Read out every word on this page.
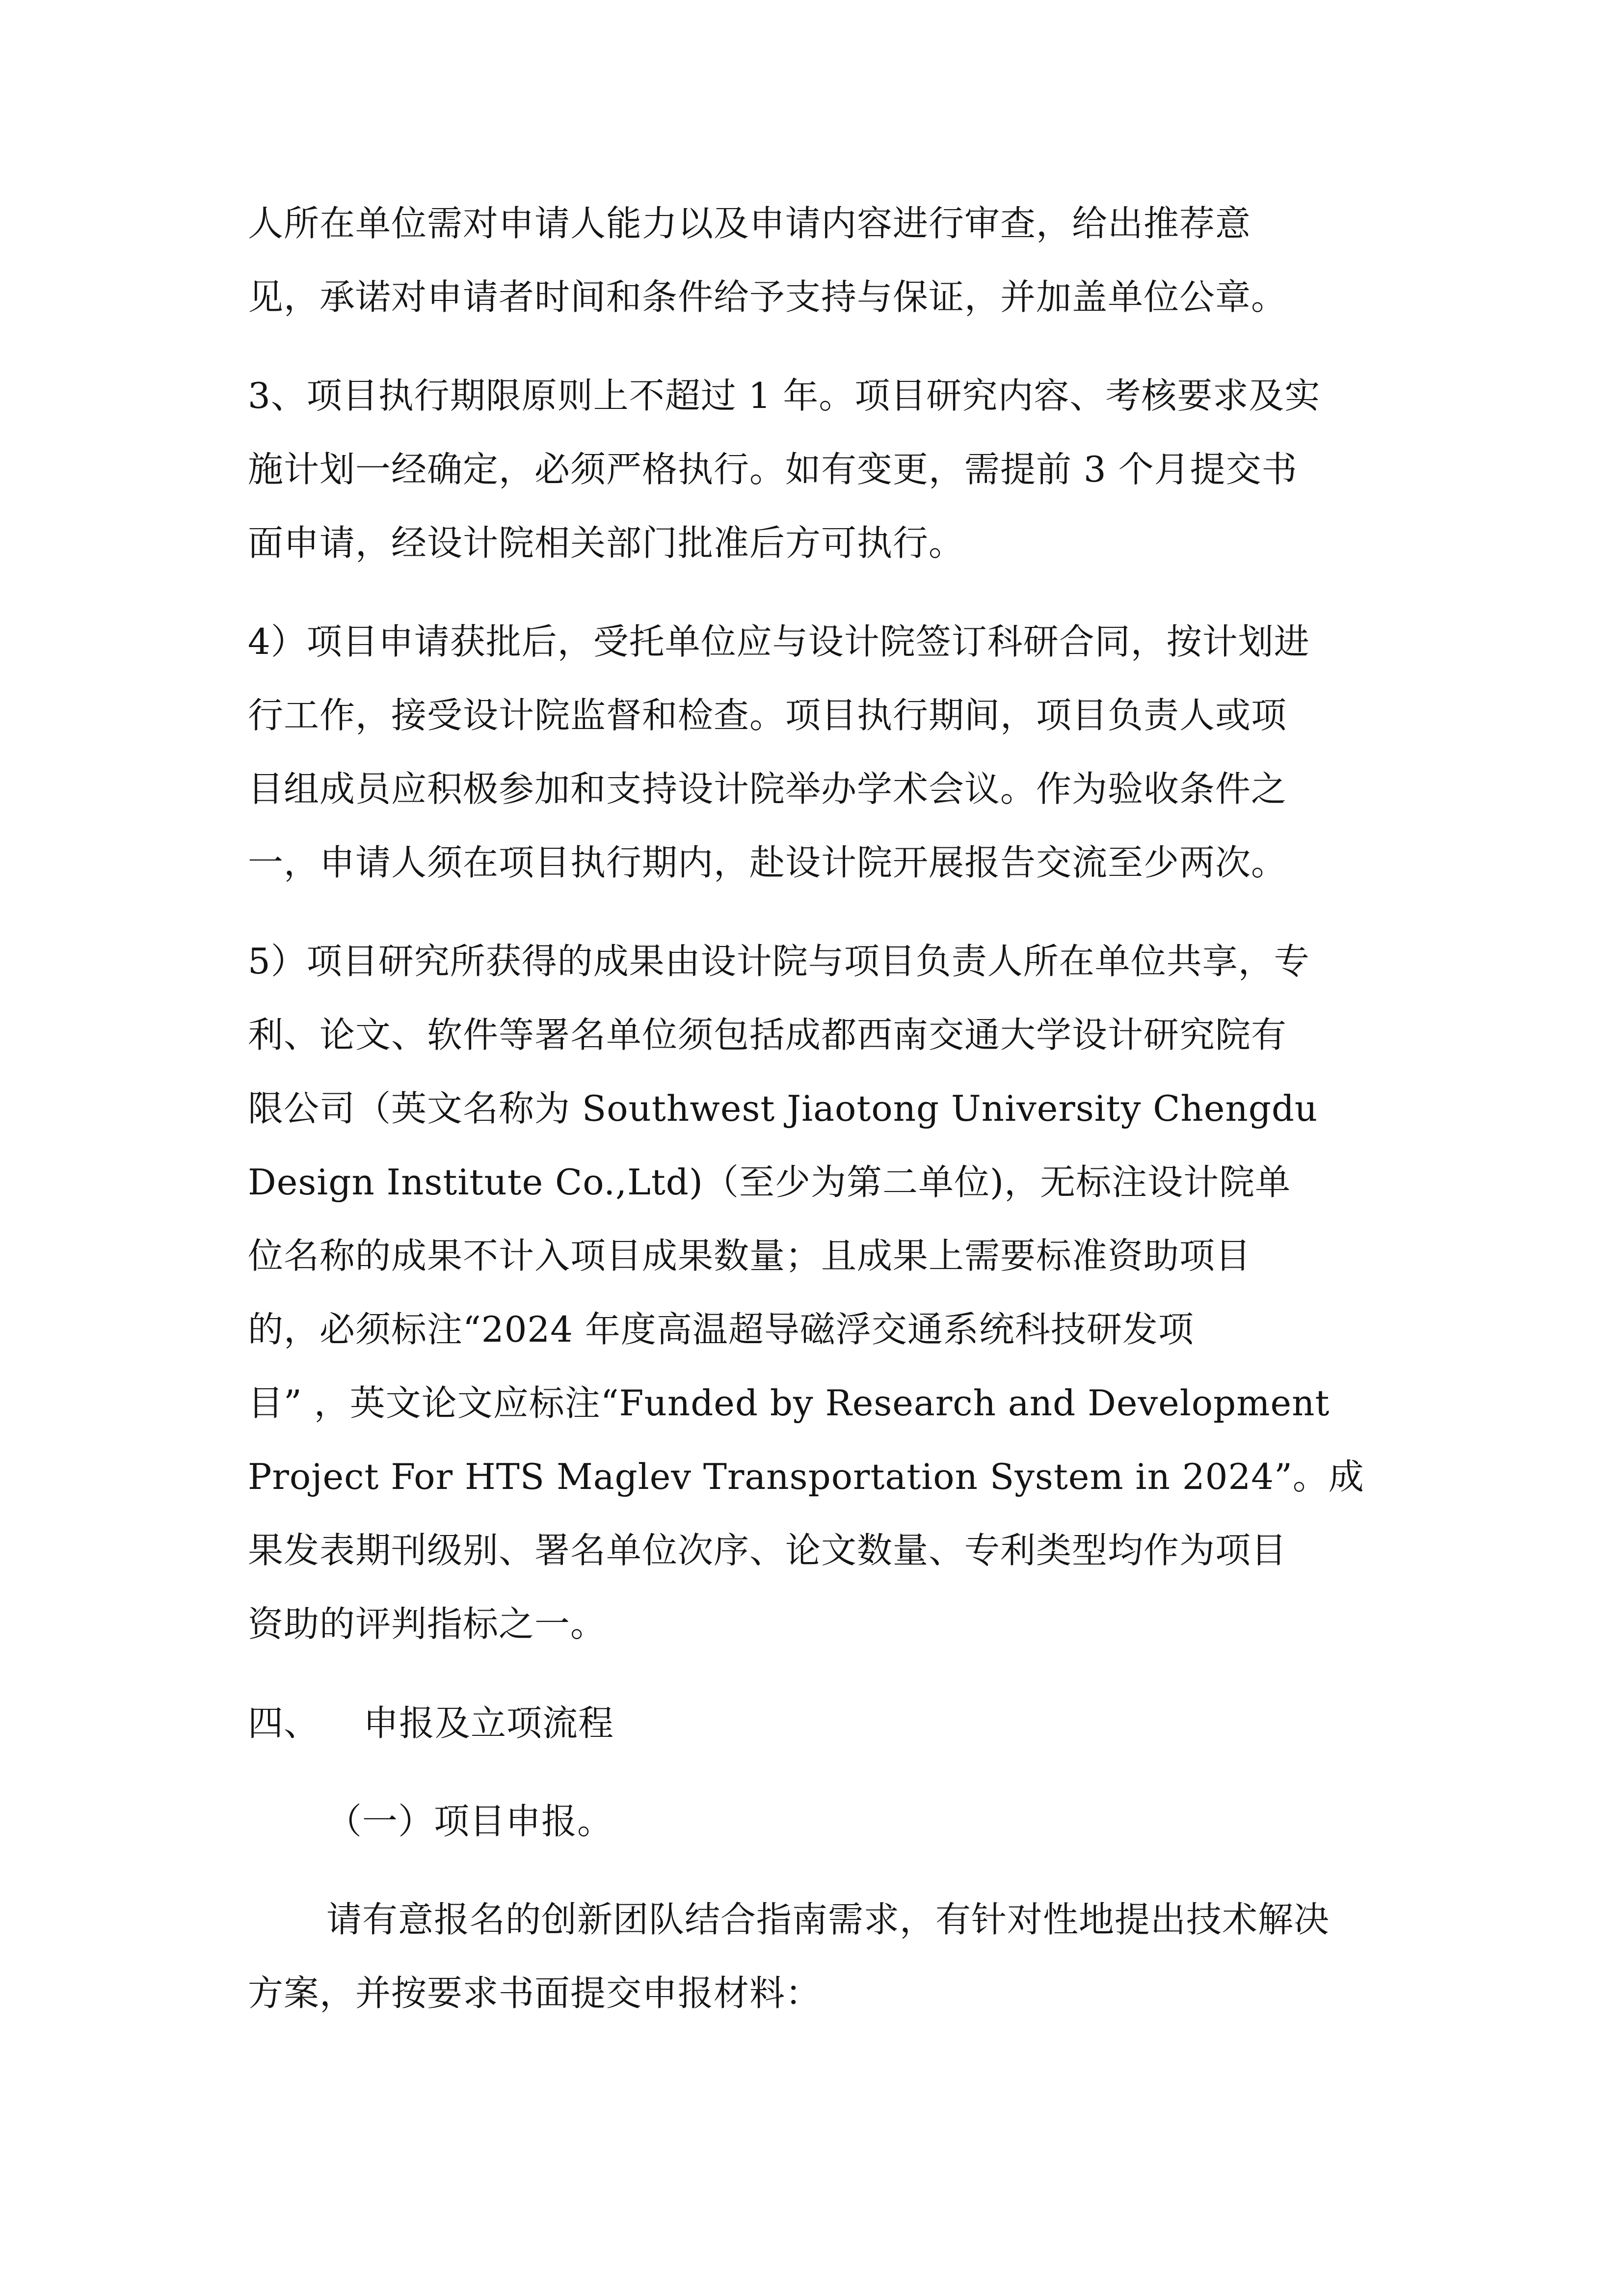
人所在单位需对申请人能力以及申请内容进行审查，给出推荐意
见，承诺对申请者时间和条件给予支持与保证，并加盖单位公章。
3、项目执行期限原则上不超过 1 年。项目研究内容、考核要求及实
施计划一经确定，必须严格执行。如有变更，需提前 3 个月提交书
面申请，经设计院相关部门批准后方可执行。
4）项目申请获批后，受托单位应与设计院签订科研合同，按计划进
行工作，接受设计院监督和检查。项目执行期间，项目负责人或项
目组成员应积极参加和支持设计院举办学术会议。作为验收条件之
一，申请人须在项目执行期内，赴设计院开展报告交流至少两次。
5）项目研究所获得的成果由设计院与项目负责人所在单位共享，专
利、论文、软件等署名单位须包括成都西南交通大学设计研究院有
限公司（英文名称为 Southwest Jiaotong University Chengdu
Design Institute Co.,Ltd)（至少为第二单位)，无标注设计院单
位名称的成果不计入项目成果数量；且成果上需要标准资助项目
的，必须标注“2024 年度高温超导磁浮交通系统科技研发项
目” ，英文论文应标注“Funded by Research and Development
Project For HTS Maglev Transportation System in 2024”。成
果发表期刊级别、署名单位次序、论文数量、专利类型均作为项目
资助的评判指标之一。
四、 申报及立项流程
（一）项目申报。
请有意报名的创新团队结合指南需求，有针对性地提出技术解决
方案，并按要求书面提交申报材料：
